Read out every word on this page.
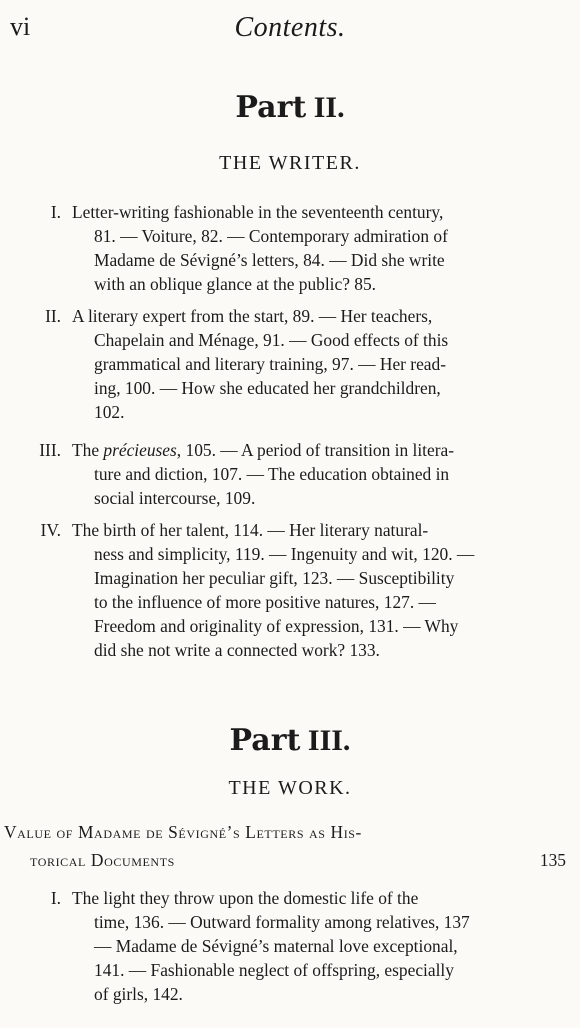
vi	Contents.
Part II.
THE WRITER.
I. Letter-writing fashionable in the seventeenth century,
81. — Voiture, 82. — Contemporary admiration of
Madame de Sévigné’s letters, 84. — Did she write
with an oblique glance at the public? 85.
II. A literary expert from the start, 89. — Her teachers,
Chapelain and Ménage, 91. — Good effects of this
grammatical and literary training, 97. — Her read-
ing, 100. — How she educated her grandchildren,
102.
III. The précieuses, 105. — A period of transition in litera-
ture and diction, 107. — The education obtained in
social intercourse, 109.
IV. The birth of her talent, 114. — Her literary natural-
ness and simplicity, 119. — Ingenuity and wit, 120. —
Imagination her peculiar gift, 123. — Susceptibility
to the influence of more positive natures, 127. —
Freedom and originality of expression, 131. — Why
did she not write a connected work? 133.
Part III.
THE WORK.
Value of Madame de Sévigné’s Letters as His-
torical Documents	135
I. The light they throw upon the domestic life of the
time, 136. — Outward formality among relatives, 137
— Madame de Sévigné’s maternal love exceptional,
141. — Fashionable neglect of offspring, especially
of girls, 142.
